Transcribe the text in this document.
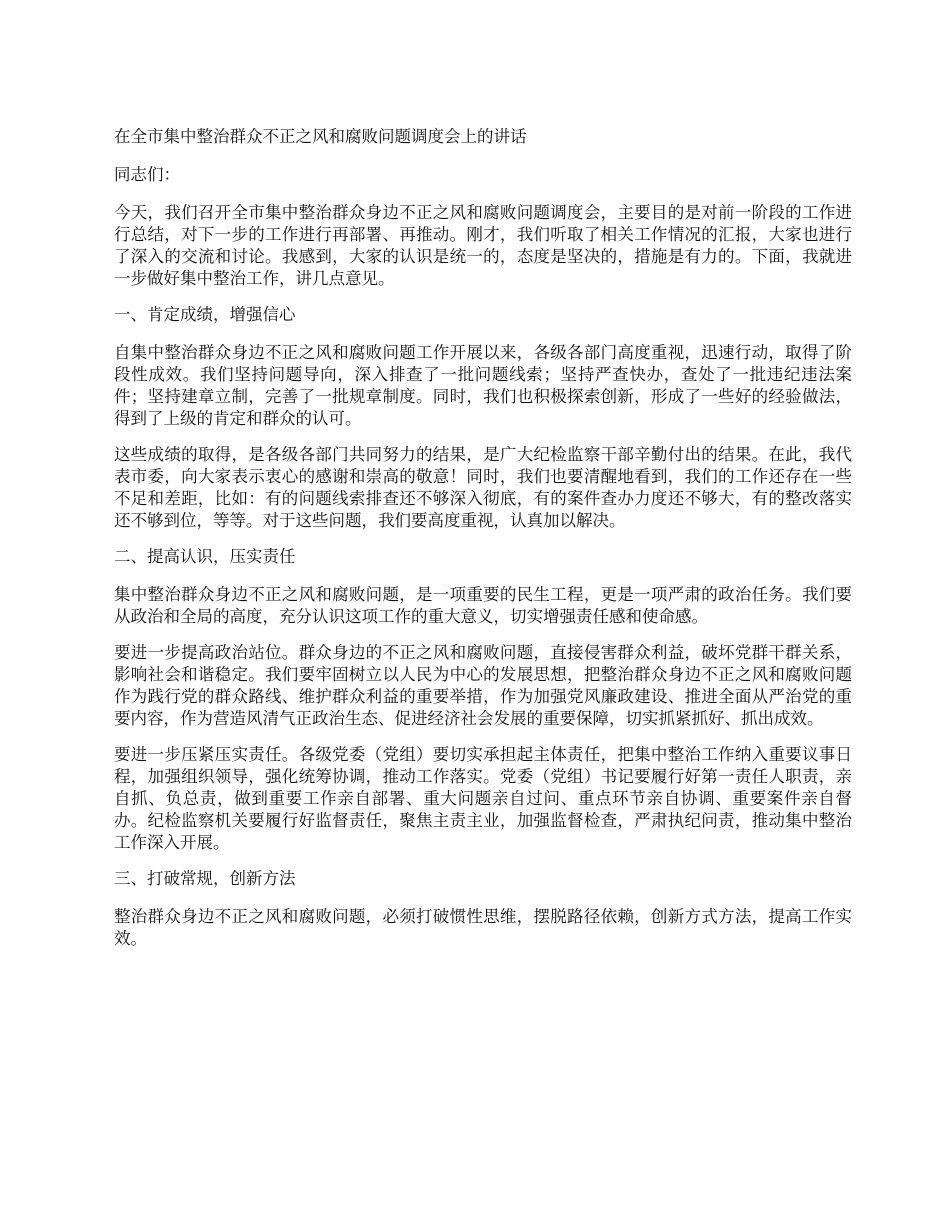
在全市集中整治群众不正之风和腐败问题调度会上的讲话
同志们：

今天，我们召开全市集中整治群众身边不正之风和腐败问题调度会，主要目的是对前一阶段的工作进行总结，对下一步的工作进行再部署、再推动。刚才，我们听取了相关工作情况的汇报，大家也进行了深入的交流和讨论。我感到，大家的认识是统一的，态度是坚决的，措施是有力的。下面，我就进一步做好集中整治工作，讲几点意见。

一、肯定成绩，增强信心

自集中整治群众身边不正之风和腐败问题工作开展以来，各级各部门高度重视，迅速行动，取得了阶段性成效。我们坚持问题导向，深入排查了一批问题线索；坚持严查快办，查处了一批违纪违法案件；坚持建章立制，完善了一批规章制度。同时，我们也积极探索创新，形成了一些好的经验做法，得到了上级的肯定和群众的认可。

这些成绩的取得，是各级各部门共同努力的结果，是广大纪检监察干部辛勤付出的结果。在此，我代表市委，向大家表示衷心的感谢和崇高的敬意！同时，我们也要清醒地看到，我们的工作还存在一些不足和差距，比如：有的问题线索排查还不够深入彻底，有的案件查办力度还不够大，有的整改落实还不够到位，等等。对于这些问题，我们要高度重视，认真加以解决。

二、提高认识，压实责任

集中整治群众身边不正之风和腐败问题，是一项重要的民生工程，更是一项严肃的政治任务。我们要从政治和全局的高度，充分认识这项工作的重大意义，切实增强责任感和使命感。

要进一步提高政治站位。群众身边的不正之风和腐败问题，直接侵害群众利益，破坏党群干群关系，影响社会和谐稳定。我们要牢固树立以人民为中心的发展思想，把整治群众身边不正之风和腐败问题作为践行党的群众路线、维护群众利益的重要举措，作为加强党风廉政建设、推进全面从严治党的重要内容，作为营造风清气正政治生态、促进经济社会发展的重要保障，切实抓紧抓好、抓出成效。

要进一步压紧压实责任。各级党委（党组）要切实承担起主体责任，把集中整治工作纳入重要议事日程，加强组织领导，强化统筹协调，推动工作落实。党委（党组）书记要履行好第一责任人职责，亲自抓、负总责，做到重要工作亲自部署、重大问题亲自过问、重点环节亲自协调、重要案件亲自督办。纪检监察机关要履行好监督责任，聚焦主责主业，加强监督检查，严肃执纪问责，推动集中整治工作深入开展。

三、打破常规，创新方法

整治群众身边不正之风和腐败问题，必须打破惯性思维，摆脱路径依赖，创新方式方法，提高工作实效。
